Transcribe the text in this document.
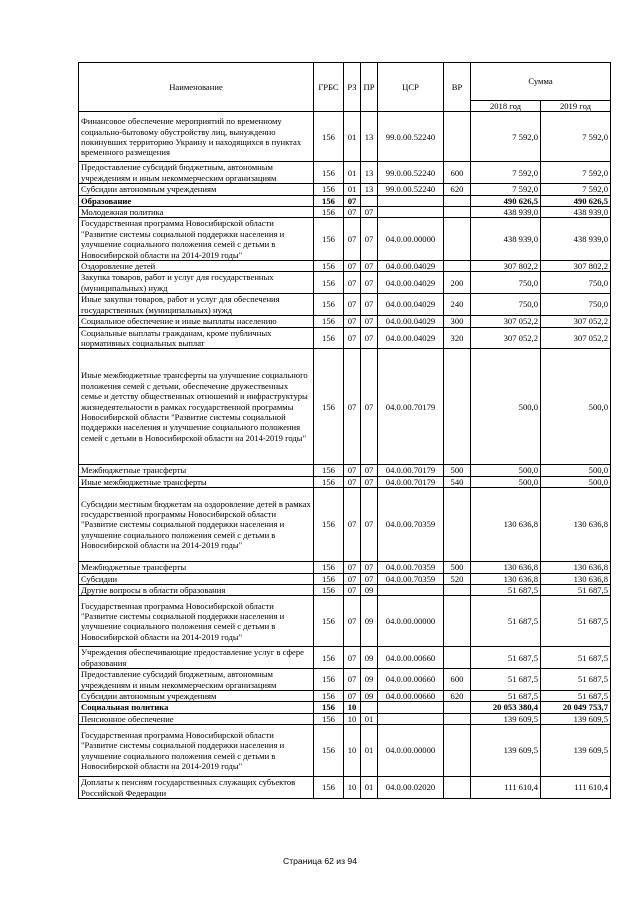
Наименование	ГРБС	РЗ	ПР	ЦСР	ВР	Сумма	
						2018 год	2019 год
Финансовое обеспечение мероприятий по временному социально-бытовому обустройству лиц, вынужденно покинувших территорию Украину и находящихся в пунктах временного размещения	156	01	13	99.0.00.52240		7 592,0	7 592,0
Предоставление субсидий бюджетным, автономным учреждениям и иным некоммерческим организациям	156	01	13	99.0.00.52240	600	7 592,0	7 592,0
Субсидии автономным учреждениям	156	01	13	99.0.00.52240	620	7 592,0	7 592,0
Образование	156	07				490 626,5	490 626,5
Молодежная политика	156	07	07			438 939,0	438 939,0
Государственная программа Новосибирской области "Развитие системы социальной поддержки населения и улучшение социального положения семей с детьми в Новосибирской области на 2014-2019 годы"	156	07	07	04.0.00.00000		438 939,0	438 939,0
Оздоровление детей	156	07	07	04.0.00.04029		307 802,2	307 802,2
Закупка товаров, работ и услуг для государственных (муниципальных) нужд	156	07	07	04.0.00.04029	200	750,0	750,0
Иные закупки товаров, работ и услуг для обеспечения государственных (муниципальных) нужд	156	07	07	04.0.00.04029	240	750,0	750,0
Социальное обеспечение и иные выплаты населению	156	07	07	04.0.00.04029	300	307 052,2	307 052,2
Социальные выплаты гражданам, кроме публичных нормативных социальных выплат	156	07	07	04.0.00.04029	320	307 052,2	307 052,2
Иные межбюджетные трансферты на улучшение социального положения семей с детьми, обеспечение дружественных семье и детству общественных отношений и инфраструктуры жизнедеятельности в рамках государственной программы Новосибирской области "Развитие системы социальной поддержки населения и улучшение социального положения семей с детьми в Новосибирской области на 2014-2019 годы"	156	07	07	04.0.00.70179		500,0	500,0
Межбюджетные трансферты	156	07	07	04.0.00.70179	500	500,0	500,0
Иные межбюджетные трансферты	156	07	07	04.0.00.70179	540	500,0	500,0
Субсидии местным бюджетам на оздоровление детей в рамках государственной программы Новосибирской области "Развитие системы социальной поддержки населения и улучшение социального положения семей с детьми в Новосибирской области на 2014-2019 годы"	156	07	07	04.0.00.70359		130 636,8	130 636,8
Межбюджетные трансферты	156	07	07	04.0.00.70359	500	130 636,8	130 636,8
Субсидии	156	07	07	04.0.00.70359	520	130 636,8	130 636,8
Другие вопросы в области образования	156	07	09			51 687,5	51 687,5
Государственная программа Новосибирской области "Развитие системы социальной поддержки населения и улучшение социального положения семей с детьми в Новосибирской области на 2014-2019 годы"	156	07	09	04.0.00.00000		51 687,5	51 687,5
Учреждения обеспечивающие предоставление услуг в сфере образования	156	07	09	04.0.00.00660		51 687,5	51 687,5
Предоставление субсидий бюджетным, автономным учреждениям и иным некоммерческим организациям	156	07	09	04.0.00.00660	600	51 687,5	51 687,5
Субсидии автономным учреждениям	156	07	09	04.0.00.00660	620	51 687,5	51 687,5
Социальная политика	156	10				20 053 380,4	20 049 753,7
Пенсионное обеспечение	156	10	01			139 609,5	139 609,5
Государственная программа Новосибирской области "Развитие системы социальной поддержки населения и улучшение социального положения семей с детьми в Новосибирской области на 2014-2019 годы"	156	10	01	04.0.00.00000		139 609,5	139 609,5
Доплаты к пенсиям государственных служащих субъектов Российской Федерации	156	10	01	04.0.00.02020		111 610,4	111 610,4
Страница 62 из 94
